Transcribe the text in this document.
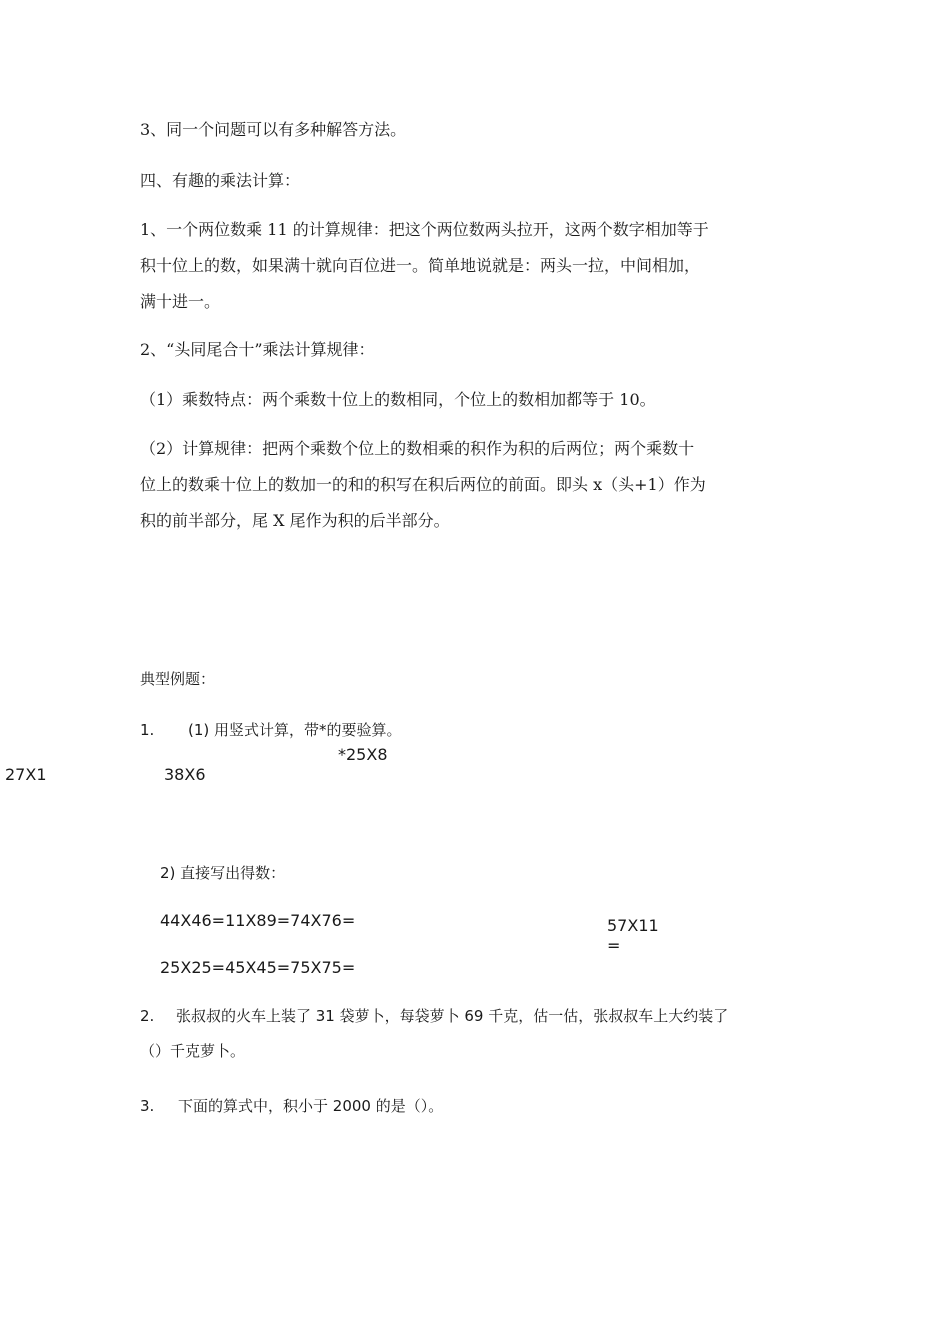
3、同一个问题可以有多种解答方法。
四、有趣的乘法计算：
1、一个两位数乘 11 的计算规律：把这个两位数两头拉开，这两个数字相加等于
积十位上的数，如果满十就向百位进一。简单地说就是：两头一拉，中间相加，
满十进一。
2、“头同尾合十”乘法计算规律：
（1）乘数特点：两个乘数十位上的数相同，个位上的数相加都等于 10。
（2）计算规律：把两个乘数个位上的数相乘的积作为积的后两位；两个乘数十
位上的数乘十位上的数加一的和的积写在积后两位的前面。即头 x（头+1）作为
积的前半部分，尾 X 尾作为积的后半部分。
典型例题：
1. (1) 用竖式计算，带*的要验算。
*25X8
27X1	38X6
2) 直接写出得数：
44X46=11X89=74X76=	57X11
=
25X25=45X45=75X75=
2. 张叔叔的火车上装了 31 袋萝卜，每袋萝卜 69 千克，估一估，张叔叔车上大约装了
（）千克萝卜。
3. 下面的算式中，积小于 2000 的是（）。
